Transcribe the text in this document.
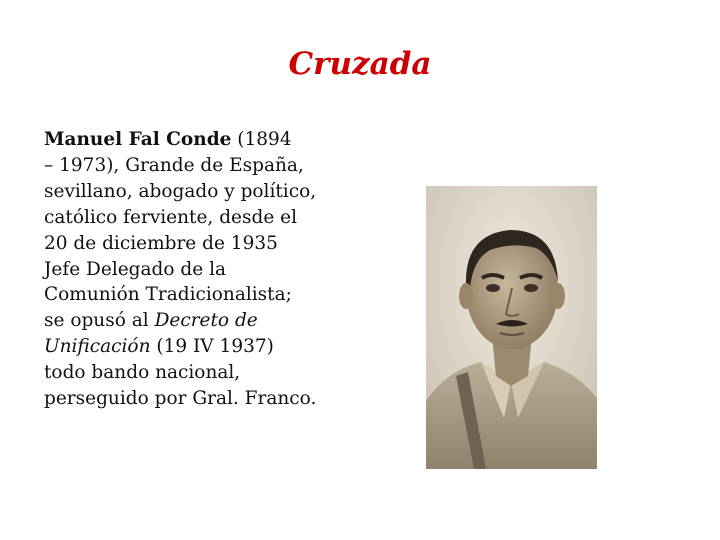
Cruzada
Manuel Fal Conde (1894
– 1973), Grande de España,
sevillano, abogado y político,
católico ferviente, desde el
20 de diciembre de 1935
Jefe Delegado de la
Comunión Tradicionalista;
se opusó al Decreto de
Unificación (19 IV 1937)
todo bando nacional,
perseguido por Gral. Franco.
